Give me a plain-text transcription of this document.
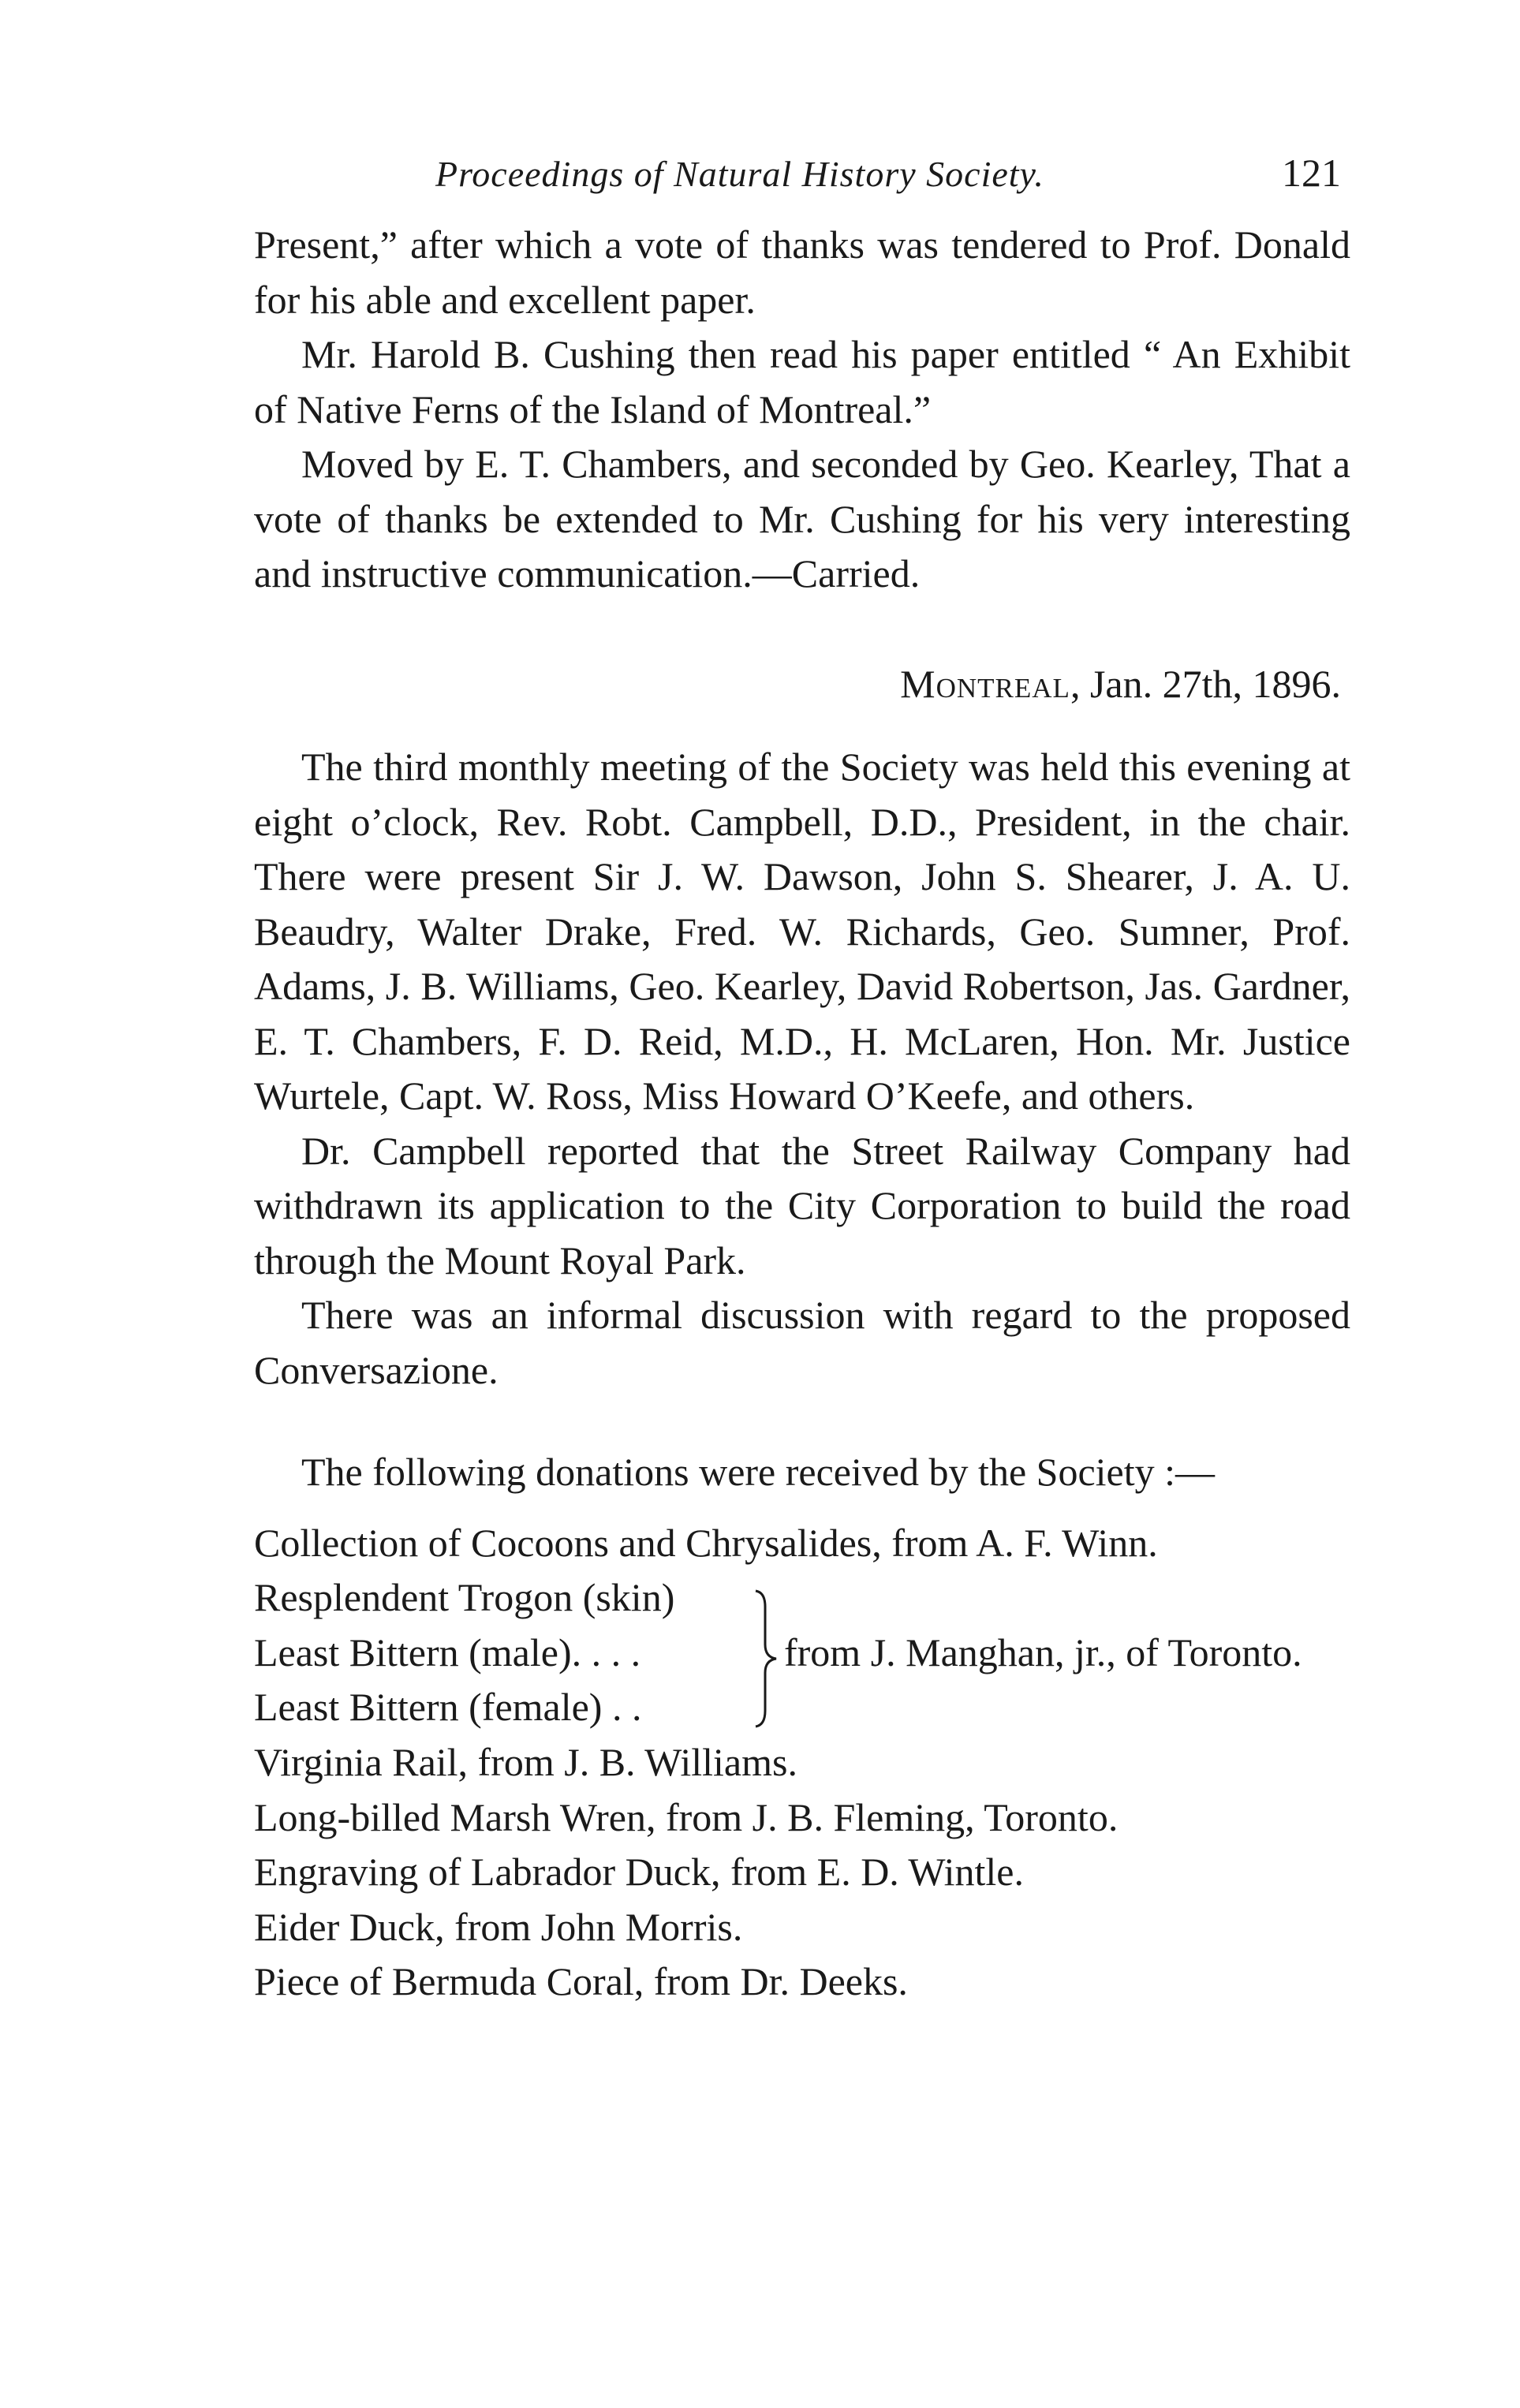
Proceedings of Natural History Society.	121

Present,” after which a vote of thanks was tendered to Prof. Donald for his able and excellent paper.

Mr. Harold B. Cushing then read his paper entitled “ An Exhibit of Native Ferns of the Island of Montreal.”

Moved by E. T. Chambers, and seconded by Geo. Kearley, That a vote of thanks be extended to Mr. Cushing for his very interesting and instructive communication.—Carried.

Montreal, Jan. 27th, 1896.

The third monthly meeting of the Society was held this evening at eight o’clock, Rev. Robt. Campbell, D.D., President, in the chair. There were present Sir J. W. Dawson, John S. Shearer, J. A. U. Beaudry, Walter Drake, Fred. W. Richards, Geo. Sumner, Prof. Adams, J. B. Williams, Geo. Kearley, David Robertson, Jas. Gardner, E. T. Chambers, F. D. Reid, M.D., H. McLaren, Hon. Mr. Justice Wurtele, Capt. W. Ross, Miss Howard O’Keefe, and others.

Dr. Campbell reported that the Street Railway Company had withdrawn its application to the City Corporation to build the road through the Mount Royal Park.

There was an informal discussion with regard to the proposed Conversazione.

The following donations were received by the Society :—

Collection of Cocoons and Chrysalides, from A. F. Winn.

Resplendent Trogon (skin)
Least Bittern (male). . . .
Least Bittern (female) . .
from J. Manghan, jr., of Toronto.

Virginia Rail, from J. B. Williams.

Long-billed Marsh Wren, from J. B. Fleming, Toronto.

Engraving of Labrador Duck, from E. D. Wintle.

Eider Duck, from John Morris.

Piece of Bermuda Coral, from Dr. Deeks.
